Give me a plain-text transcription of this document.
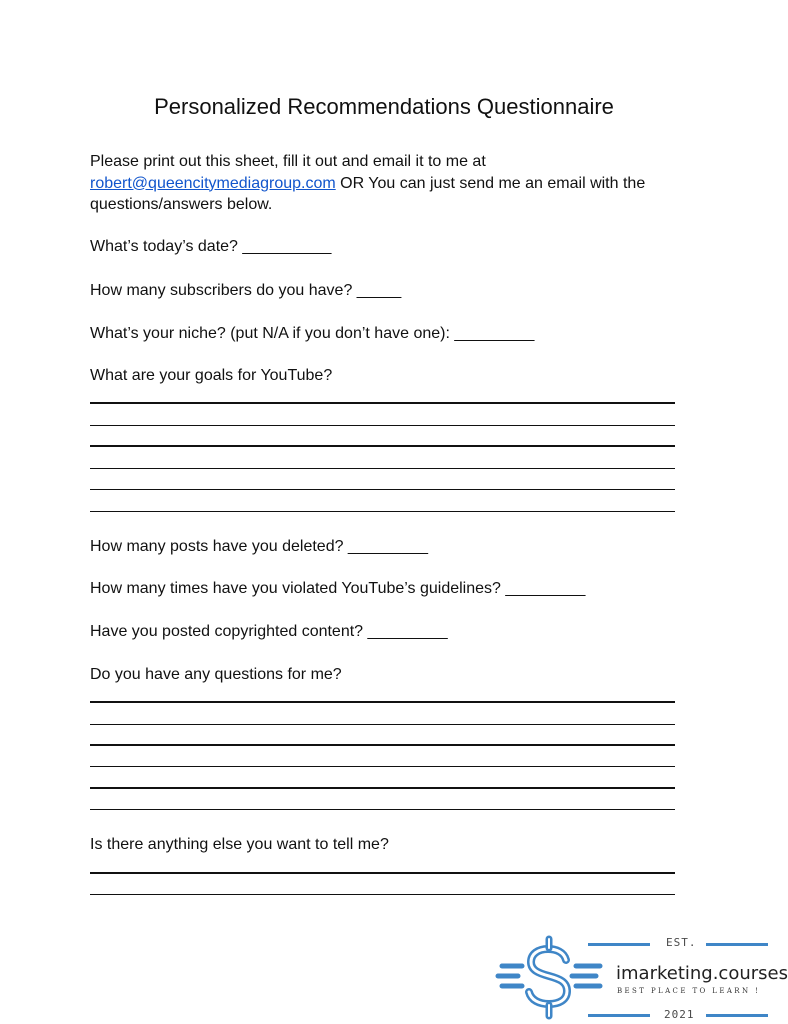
Personalized Recommendations Questionnaire
Please print out this sheet, fill it out and email it to me at robert@queencitymediagroup.com OR You can just send me an email with the questions/answers below.
What’s today’s date? __________
How many subscribers do you have? _____
What’s your niche? (put N/A if you don’t have one): _________
What are your goals for YouTube?
How many posts have you deleted? _________
How many times have you violated YouTube’s guidelines? _________
Have you posted copyrighted content? _________
Do you have any questions for me?
Is there anything else you want to tell me?
EST.
imarketing.courses
BEST PLACE TO LEARN !
2021
